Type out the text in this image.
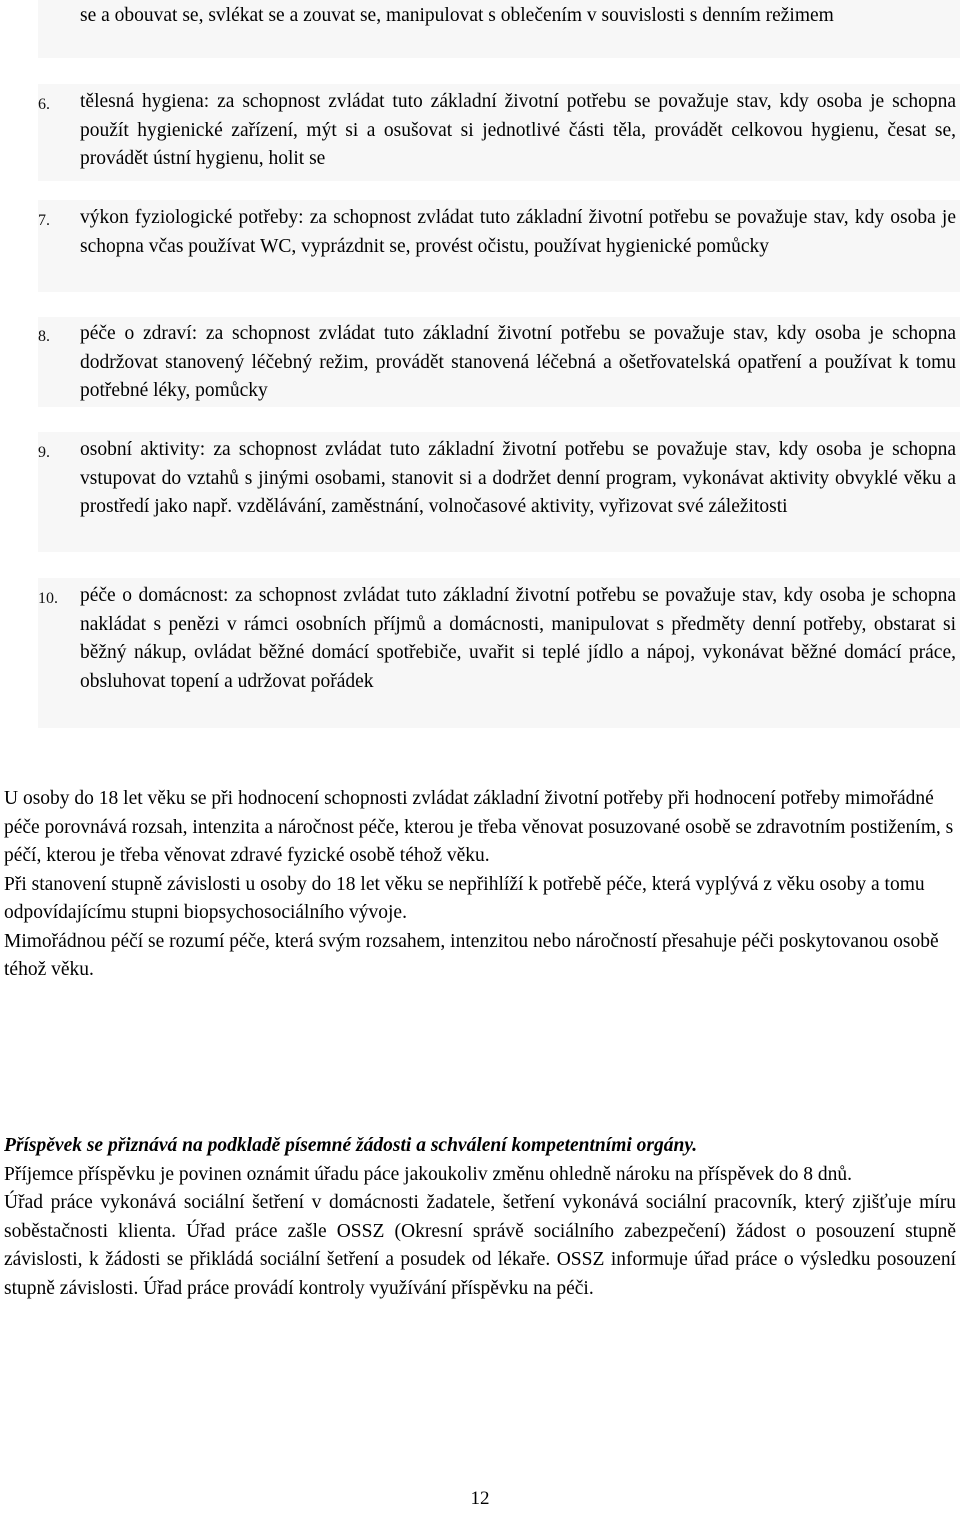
se a obouvat se, svlékat se a zouvat se, manipulovat s oblečením v souvislosti s denním režimem

6. tělesná hygiena: za schopnost zvládat tuto základní životní potřebu se považuje stav, kdy osoba je schopna použít hygienické zařízení, mýt si a osušovat si jednotlivé části těla, provádět celkovou hygienu, česat se, provádět ústní hygienu, holit se

7. výkon fyziologické potřeby: za schopnost zvládat tuto základní životní potřebu se považuje stav, kdy osoba je schopna včas používat WC, vyprázdnit se, provést očistu, používat hygienické pomůcky

8. péče o zdraví: za schopnost zvládat tuto základní životní potřebu se považuje stav, kdy osoba je schopna dodržovat stanovený léčebný režim, provádět stanovená léčebná a ošetřovatelská opatření a používat k tomu potřebné léky, pomůcky

9. osobní aktivity: za schopnost zvládat tuto základní životní potřebu se považuje stav, kdy osoba je schopna vstupovat do vztahů s jinými osobami, stanovit si a dodržet denní program, vykonávat aktivity obvyklé věku a prostředí jako např. vzdělávání, zaměstnání, volnočasové aktivity, vyřizovat své záležitosti

10. péče o domácnost: za schopnost zvládat tuto základní životní potřebu se považuje stav, kdy osoba je schopna nakládat s penězi v rámci osobních příjmů a domácnosti, manipulovat s předměty denní potřeby, obstarat si běžný nákup, ovládat běžné domácí spotřebiče, uvařit si teplé jídlo a nápoj, vykonávat běžné domácí práce, obsluhovat topení a udržovat pořádek

U osoby do 18 let věku se při hodnocení schopnosti zvládat základní životní potřeby při hodnocení potřeby mimořádné péče porovnává rozsah, intenzita a náročnost péče, kterou je třeba věnovat posuzované osobě se zdravotním postižením, s péčí, kterou je třeba věnovat zdravé fyzické osobě téhož věku.

Při stanovení stupně závislosti u osoby do 18 let věku se nepřihlíží k potřebě péče, která vyplývá z věku osoby a tomu odpovídajícímu stupni biopsychosociálního vývoje.

Mimořádnou péčí se rozumí péče, která svým rozsahem, intenzitou nebo náročností přesahuje péči poskytovanou osobě téhož věku.

Příspěvek se přiznává na podkladě písemné žádosti a schválení kompetentními orgány.

Příjemce příspěvku je povinen oznámit úřadu páce jakoukoliv změnu ohledně nároku na příspěvek do 8 dnů.

Úřad práce vykonává sociální šetření v domácnosti žadatele, šetření vykonává sociální pracovník, který zjišťuje míru soběstačnosti klienta. Úřad práce zašle OSSZ (Okresní správě sociálního zabezpečení) žádost o posouzení stupně závislosti, k žádosti se přikládá sociální šetření a posudek od lékaře. OSSZ informuje úřad práce o výsledku posouzení stupně závislosti. Úřad práce provádí kontroly využívání příspěvku na péči.

12
